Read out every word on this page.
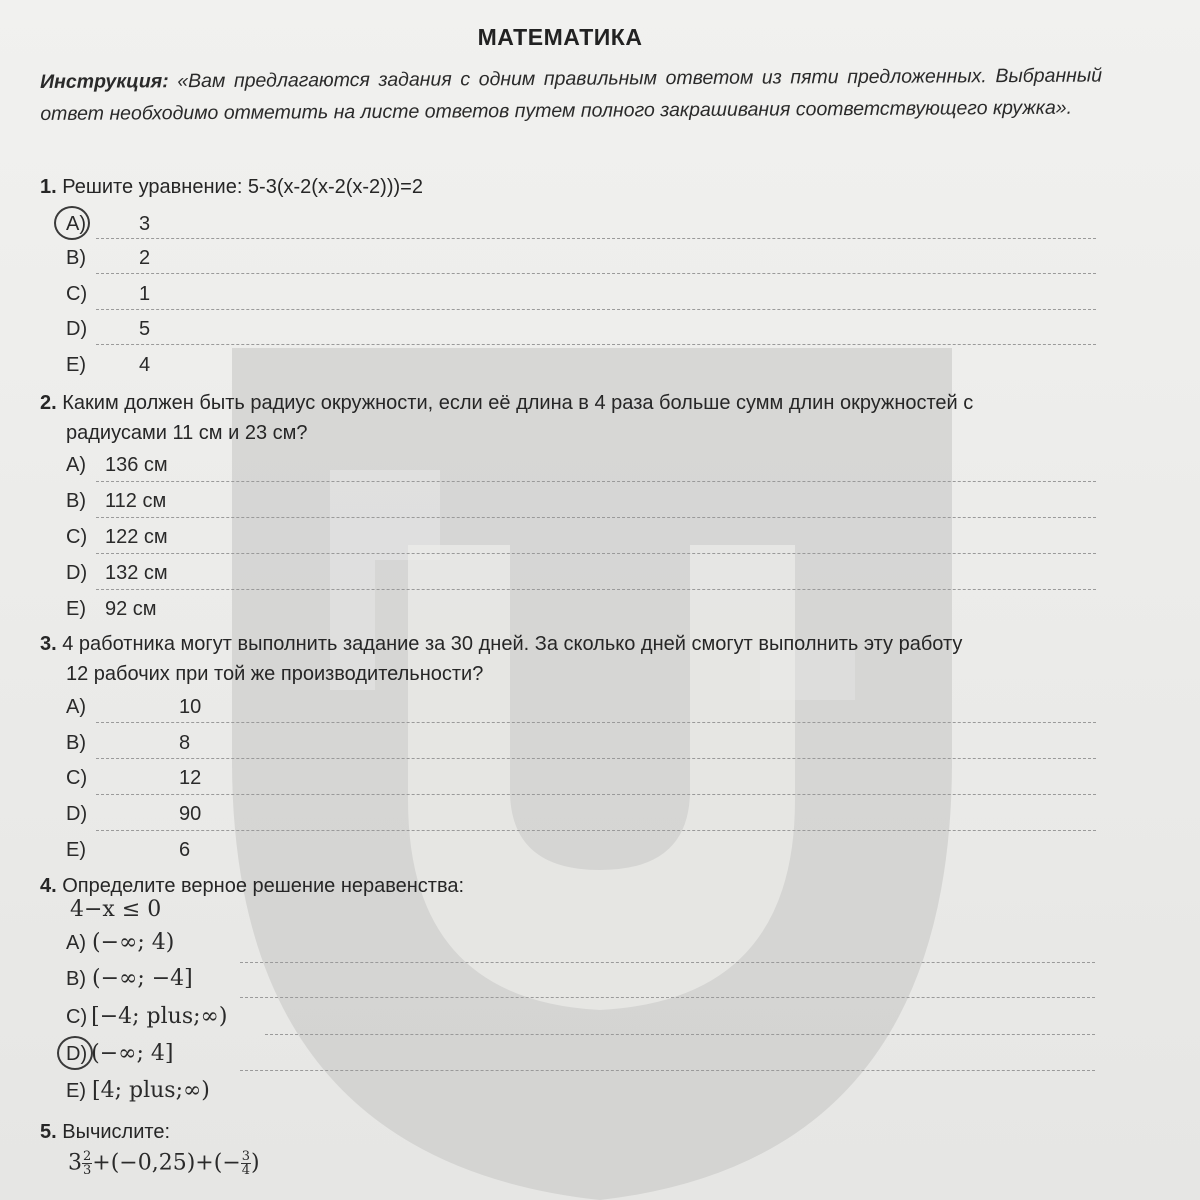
МАТЕМАТИКА
Инструкция: «Вам предлагаются задания с одним правильным ответом из пяти предложенных. Выбранный ответ необходимо отметить на листе ответов путем полного закрашивания соответствующего кружка».
1. Решите уравнение: 5-3(x-2(x-2(x-2)))=2
A)	3
B)	2
C)	1
D)	5
E)	4
2. Каким должен быть радиус окружности, если её длина в 4 раза больше сумм длин окружностей с
радиусами 11 см и 23 см?
A) 136 см
B) 112 см
C) 122 см
D) 132 см
E) 92 см
3. 4 работника могут выполнить задание за 30 дней. За сколько дней смогут выполнить эту работу
12 рабочих при той же производительности?
A)	10
B)	8
C)	12
D)	90
E)	6
4. Определите верное решение неравенства:
4−x ≤ 0
A) (−∞; 4)
B) (−∞; −4]
C) [−4; plus;∞)
D) (−∞; 4]
E) [4; plus;∞)
5. Вычислите:
$3 \frac{2}{3} +(-0,25)+(- \frac{3}{4}$ )
